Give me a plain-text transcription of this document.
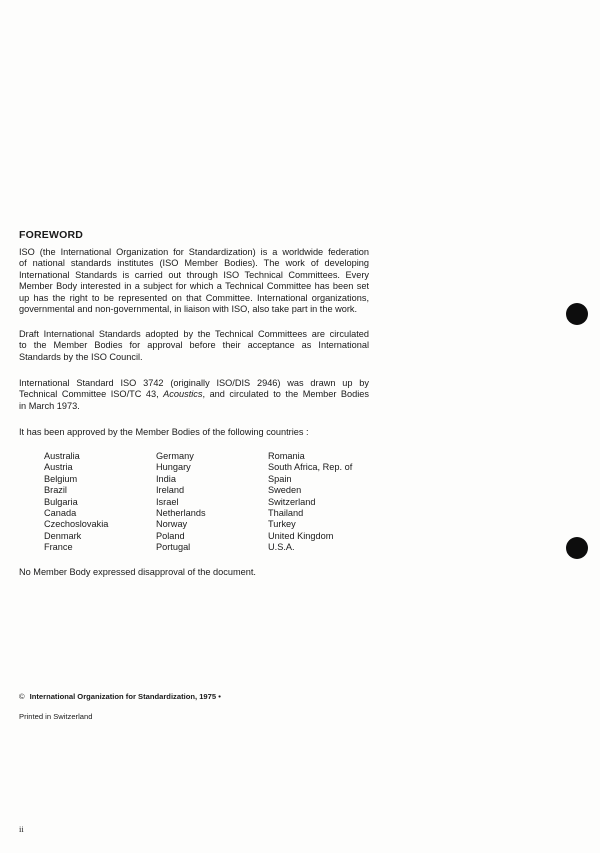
FOREWORD
ISO (the International Organization for Standardization) is a worldwide federation
of national standards institutes (ISO Member Bodies). The work of developing
International Standards is carried out through ISO Technical Committees. Every
Member Body interested in a subject for which a Technical Committee has been set
up has the right to be represented on that Committee. International organizations,
governmental and non-governmental, in liaison with ISO, also take part in the work.
Draft International Standards adopted by the Technical Committees are circulated
to the Member Bodies for approval before their acceptance as International
Standards by the ISO Council.
International Standard ISO 3742 (originally ISO/DIS 2946) was drawn up by
Technical Committee ISO/TC 43, Acoustics, and circulated to the Member Bodies
in March 1973.
It has been approved by the Member Bodies of the following countries :
Australia
Austria
Belgium
Brazil
Bulgaria
Canada
Czechoslovakia
Denmark
France
Germany
Hungary
India
Ireland
Israel
Netherlands
Norway
Poland
Portugal
Romania
South Africa, Rep. of
Spain
Sweden
Switzerland
Thailand
Turkey
United Kingdom
U.S.A.
No Member Body expressed disapproval of the document.
© International Organization for Standardization, 1975 •
Printed in Switzerland
ii
